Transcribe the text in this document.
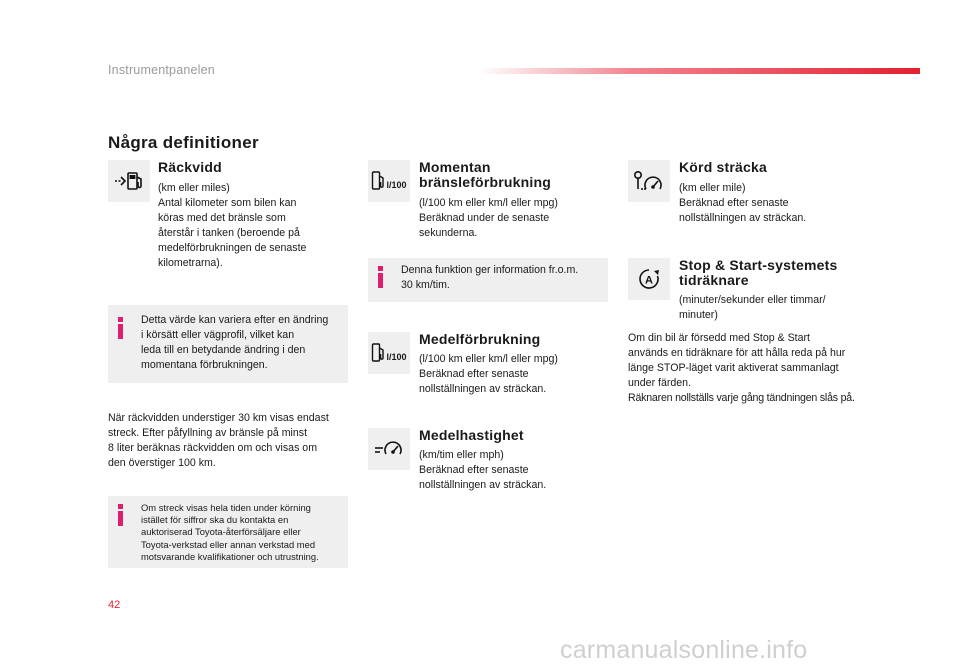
Instrumentpanelen
Några definitioner
Räckvidd
(km eller miles)
Antal kilometer som bilen kan
köras med det bränsle som
återstår i tanken (beroende på
medelförbrukningen de senaste
kilometrarna).
Detta värde kan variera efter en ändring
i körsätt eller vägprofil, vilket kan
leda till en betydande ändring i den
momentana förbrukningen.
När räckvidden understiger 30 km visas endast
streck. Efter påfyllning av bränsle på minst
8 liter beräknas räckvidden om och visas om
den överstiger 100 km.
Om streck visas hela tiden under körning
istället för siffror ska du kontakta en
auktoriserad Toyota-återförsäljare eller
Toyota-verkstad eller annan verkstad med
motsvarande kvalifikationer och utrustning.
l/100
Momentan
bränsleförbrukning
(l/100 km eller km/l eller mpg)
Beräknad under de senaste
sekunderna.
Denna funktion ger information fr.o.m.
30 km/tim.
l/100
Medelförbrukning
(l/100 km eller km/l eller mpg)
Beräknad efter senaste
nollställningen av sträckan.
Medelhastighet
(km/tim eller mph)
Beräknad efter senaste
nollställningen av sträckan.
Körd sträcka
(km eller mile)
Beräknad efter senaste
nollställningen av sträckan.
A
Stop & Start-systemets
tidräknare
(minuter/sekunder eller timmar/
minuter)
Om din bil är försedd med Stop & Start
används en tidräknare för att hålla reda på hur
länge STOP-läget varit aktiverat sammanlagt
under färden.
Räknaren nollställs varje gång tändningen slås på.
42
carmanualsonline.info
